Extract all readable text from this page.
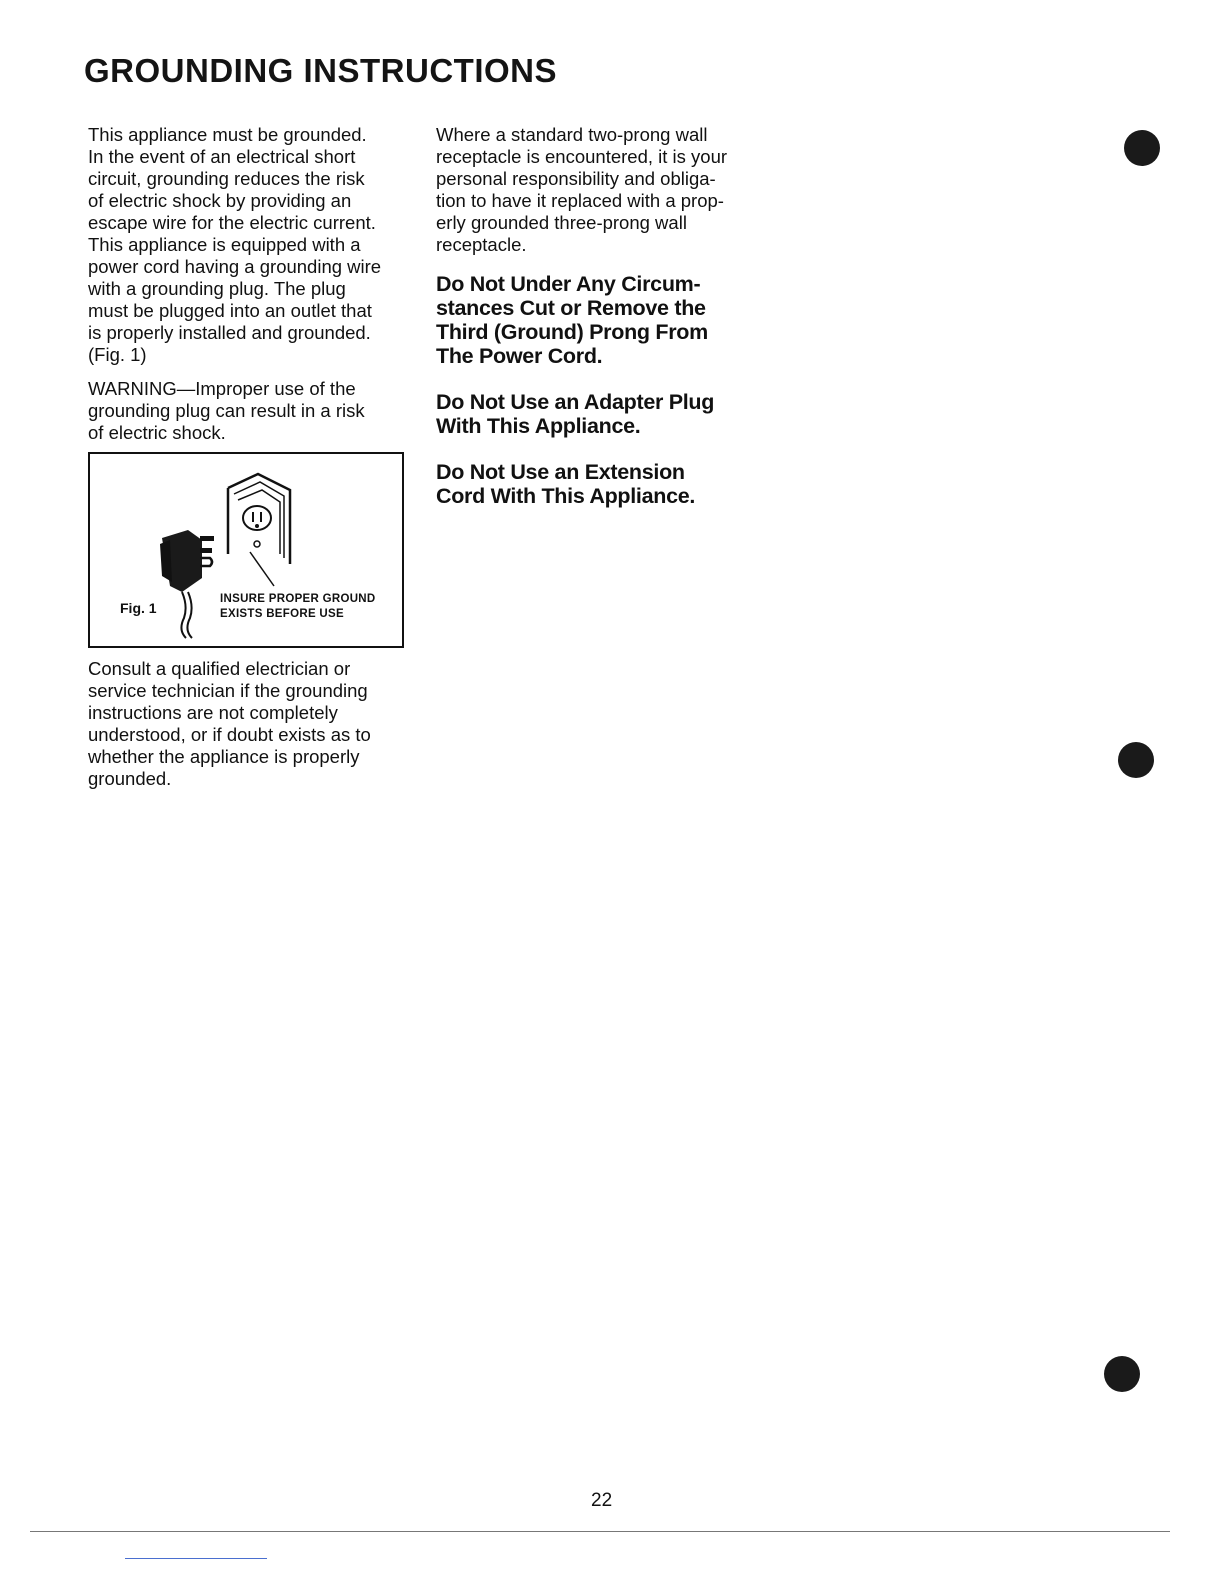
GROUNDING INSTRUCTIONS

This appliance must be grounded.
In the event of an electrical short
circuit, grounding reduces the risk
of electric shock by providing an
escape wire for the electric current.
This appliance is equipped with a
power cord having a grounding wire
with a grounding plug. The plug
must be plugged into an outlet that
is properly installed and grounded.
(Fig. 1)

WARNING—Improper use of the
grounding plug can result in a risk
of electric shock.

Fig. 1

INSURE PROPER GROUND
EXISTS BEFORE USE

Consult a qualified electrician or
service technician if the grounding
instructions are not completely
understood, or if doubt exists as to
whether the appliance is properly
grounded.

Where a standard two-prong wall
receptacle is encountered, it is your
personal responsibility and obliga-
tion to have it replaced with a prop-
erly grounded three-prong wall
receptacle.

Do Not Under Any Circum-
stances Cut or Remove the
Third (Ground) Prong From
The Power Cord.

Do Not Use an Adapter Plug
With This Appliance.

Do Not Use an Extension
Cord With This Appliance.

22
